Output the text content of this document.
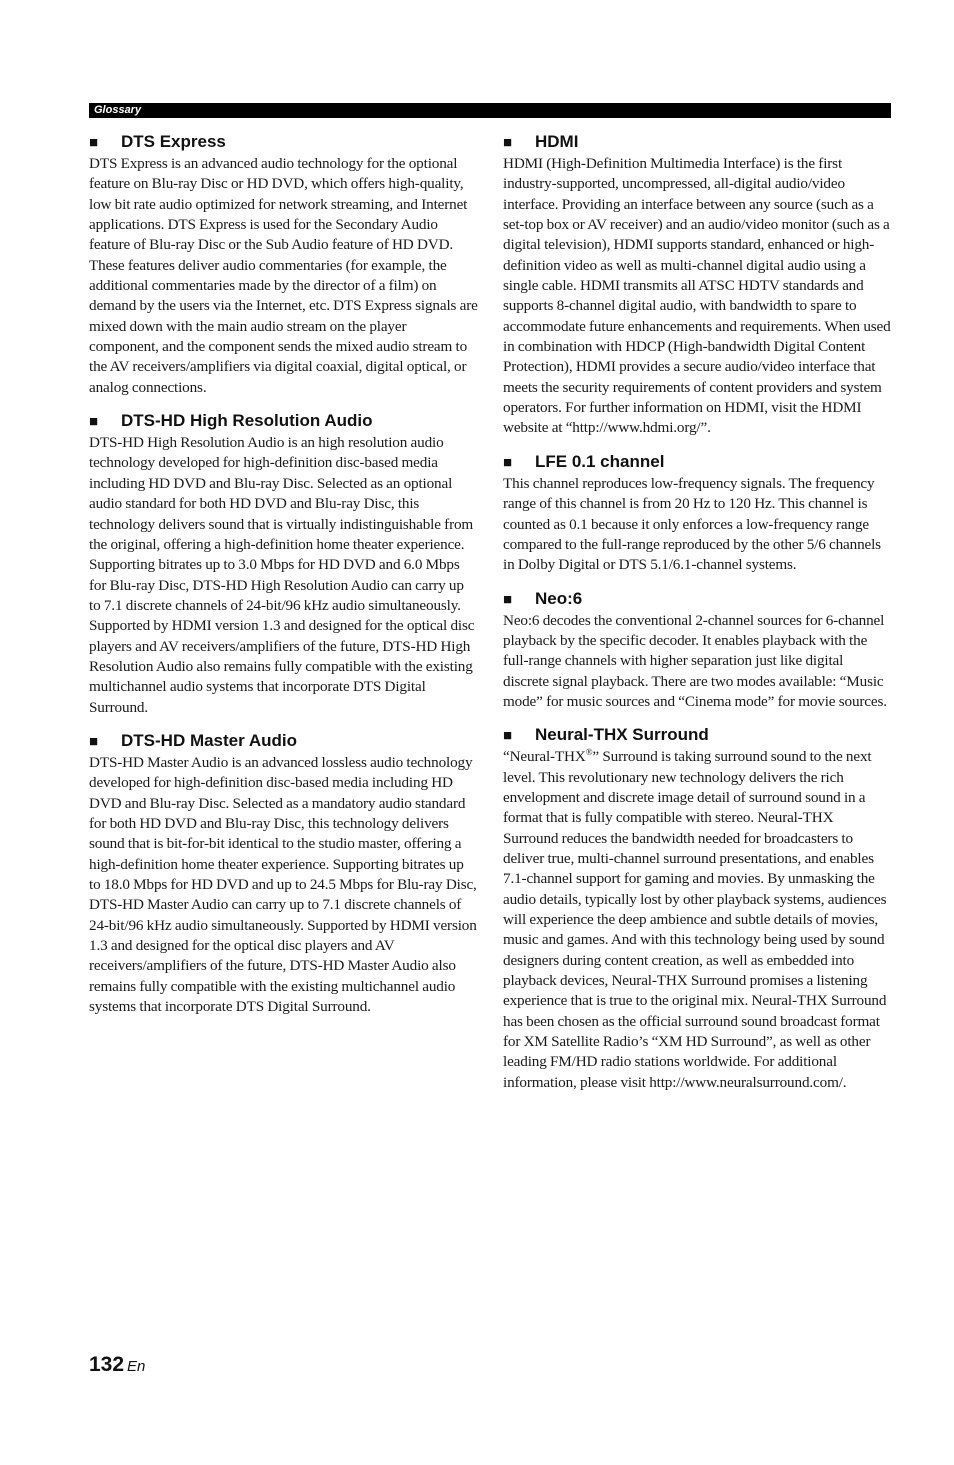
Glossary
■ DTS Express

DTS Express is an advanced audio technology for the optional feature on Blu-ray Disc or HD DVD, which offers high-quality, low bit rate audio optimized for network streaming, and Internet applications. DTS Express is used for the Secondary Audio feature of Blu-ray Disc or the Sub Audio feature of HD DVD. These features deliver audio commentaries (for example, the additional commentaries made by the director of a film) on demand by the users via the Internet, etc. DTS Express signals are mixed down with the main audio stream on the player component, and the component sends the mixed audio stream to the AV receivers/amplifiers via digital coaxial, digital optical, or analog connections.

■ DTS-HD High Resolution Audio

DTS-HD High Resolution Audio is an high resolution audio technology developed for high-definition disc-based media including HD DVD and Blu-ray Disc. Selected as an optional audio standard for both HD DVD and Blu-ray Disc, this technology delivers sound that is virtually indistinguishable from the original, offering a high-definition home theater experience. Supporting bitrates up to 3.0 Mbps for HD DVD and 6.0 Mbps for Blu-ray Disc, DTS-HD High Resolution Audio can carry up to 7.1 discrete channels of 24-bit/96 kHz audio simultaneously. Supported by HDMI version 1.3 and designed for the optical disc players and AV receivers/amplifiers of the future, DTS-HD High Resolution Audio also remains fully compatible with the existing multichannel audio systems that incorporate DTS Digital Surround.

■ DTS-HD Master Audio

DTS-HD Master Audio is an advanced lossless audio technology developed for high-definition disc-based media including HD DVD and Blu-ray Disc. Selected as a mandatory audio standard for both HD DVD and Blu-ray Disc, this technology delivers sound that is bit-for-bit identical to the studio master, offering a high-definition home theater experience. Supporting bitrates up to 18.0 Mbps for HD DVD and up to 24.5 Mbps for Blu-ray Disc, DTS-HD Master Audio can carry up to 7.1 discrete channels of 24-bit/96 kHz audio simultaneously. Supported by HDMI version 1.3 and designed for the optical disc players and AV receivers/amplifiers of the future, DTS-HD Master Audio also remains fully compatible with the existing multichannel audio systems that incorporate DTS Digital Surround.

■ HDMI

HDMI (High-Definition Multimedia Interface) is the first industry-supported, uncompressed, all-digital audio/video interface. Providing an interface between any source (such as a set-top box or AV receiver) and an audio/video monitor (such as a digital television), HDMI supports standard, enhanced or high-definition video as well as multi-channel digital audio using a single cable. HDMI transmits all ATSC HDTV standards and supports 8-channel digital audio, with bandwidth to spare to accommodate future enhancements and requirements. When used in combination with HDCP (High-bandwidth Digital Content Protection), HDMI provides a secure audio/video interface that meets the security requirements of content providers and system operators. For further information on HDMI, visit the HDMI website at “http://www.hdmi.org/”.

■ LFE 0.1 channel

This channel reproduces low-frequency signals. The frequency range of this channel is from 20 Hz to 120 Hz. This channel is counted as 0.1 because it only enforces a low-frequency range compared to the full-range reproduced by the other 5/6 channels in Dolby Digital or DTS 5.1/6.1-channel systems.

■ Neo:6

Neo:6 decodes the conventional 2-channel sources for 6-channel playback by the specific decoder. It enables playback with the full-range channels with higher separation just like digital discrete signal playback. There are two modes available: “Music mode” for music sources and “Cinema mode” for movie sources.

■ Neural-THX Surround

“Neural-THX®” Surround is taking surround sound to the next level. This revolutionary new technology delivers the rich envelopment and discrete image detail of surround sound in a format that is fully compatible with stereo. Neural-THX Surround reduces the bandwidth needed for broadcasters to deliver true, multi-channel surround presentations, and enables 7.1-channel support for gaming and movies. By unmasking the audio details, typically lost by other playback systems, audiences will experience the deep ambience and subtle details of movies, music and games. And with this technology being used by sound designers during content creation, as well as embedded into playback devices, Neural-THX Surround promises a listening experience that is true to the original mix. Neural-THX Surround has been chosen as the official surround sound broadcast format for XM Satellite Radio’s “XM HD Surround”, as well as other leading FM/HD radio stations worldwide. For additional information, please visit http://www.neuralsurround.com/.

132 En
